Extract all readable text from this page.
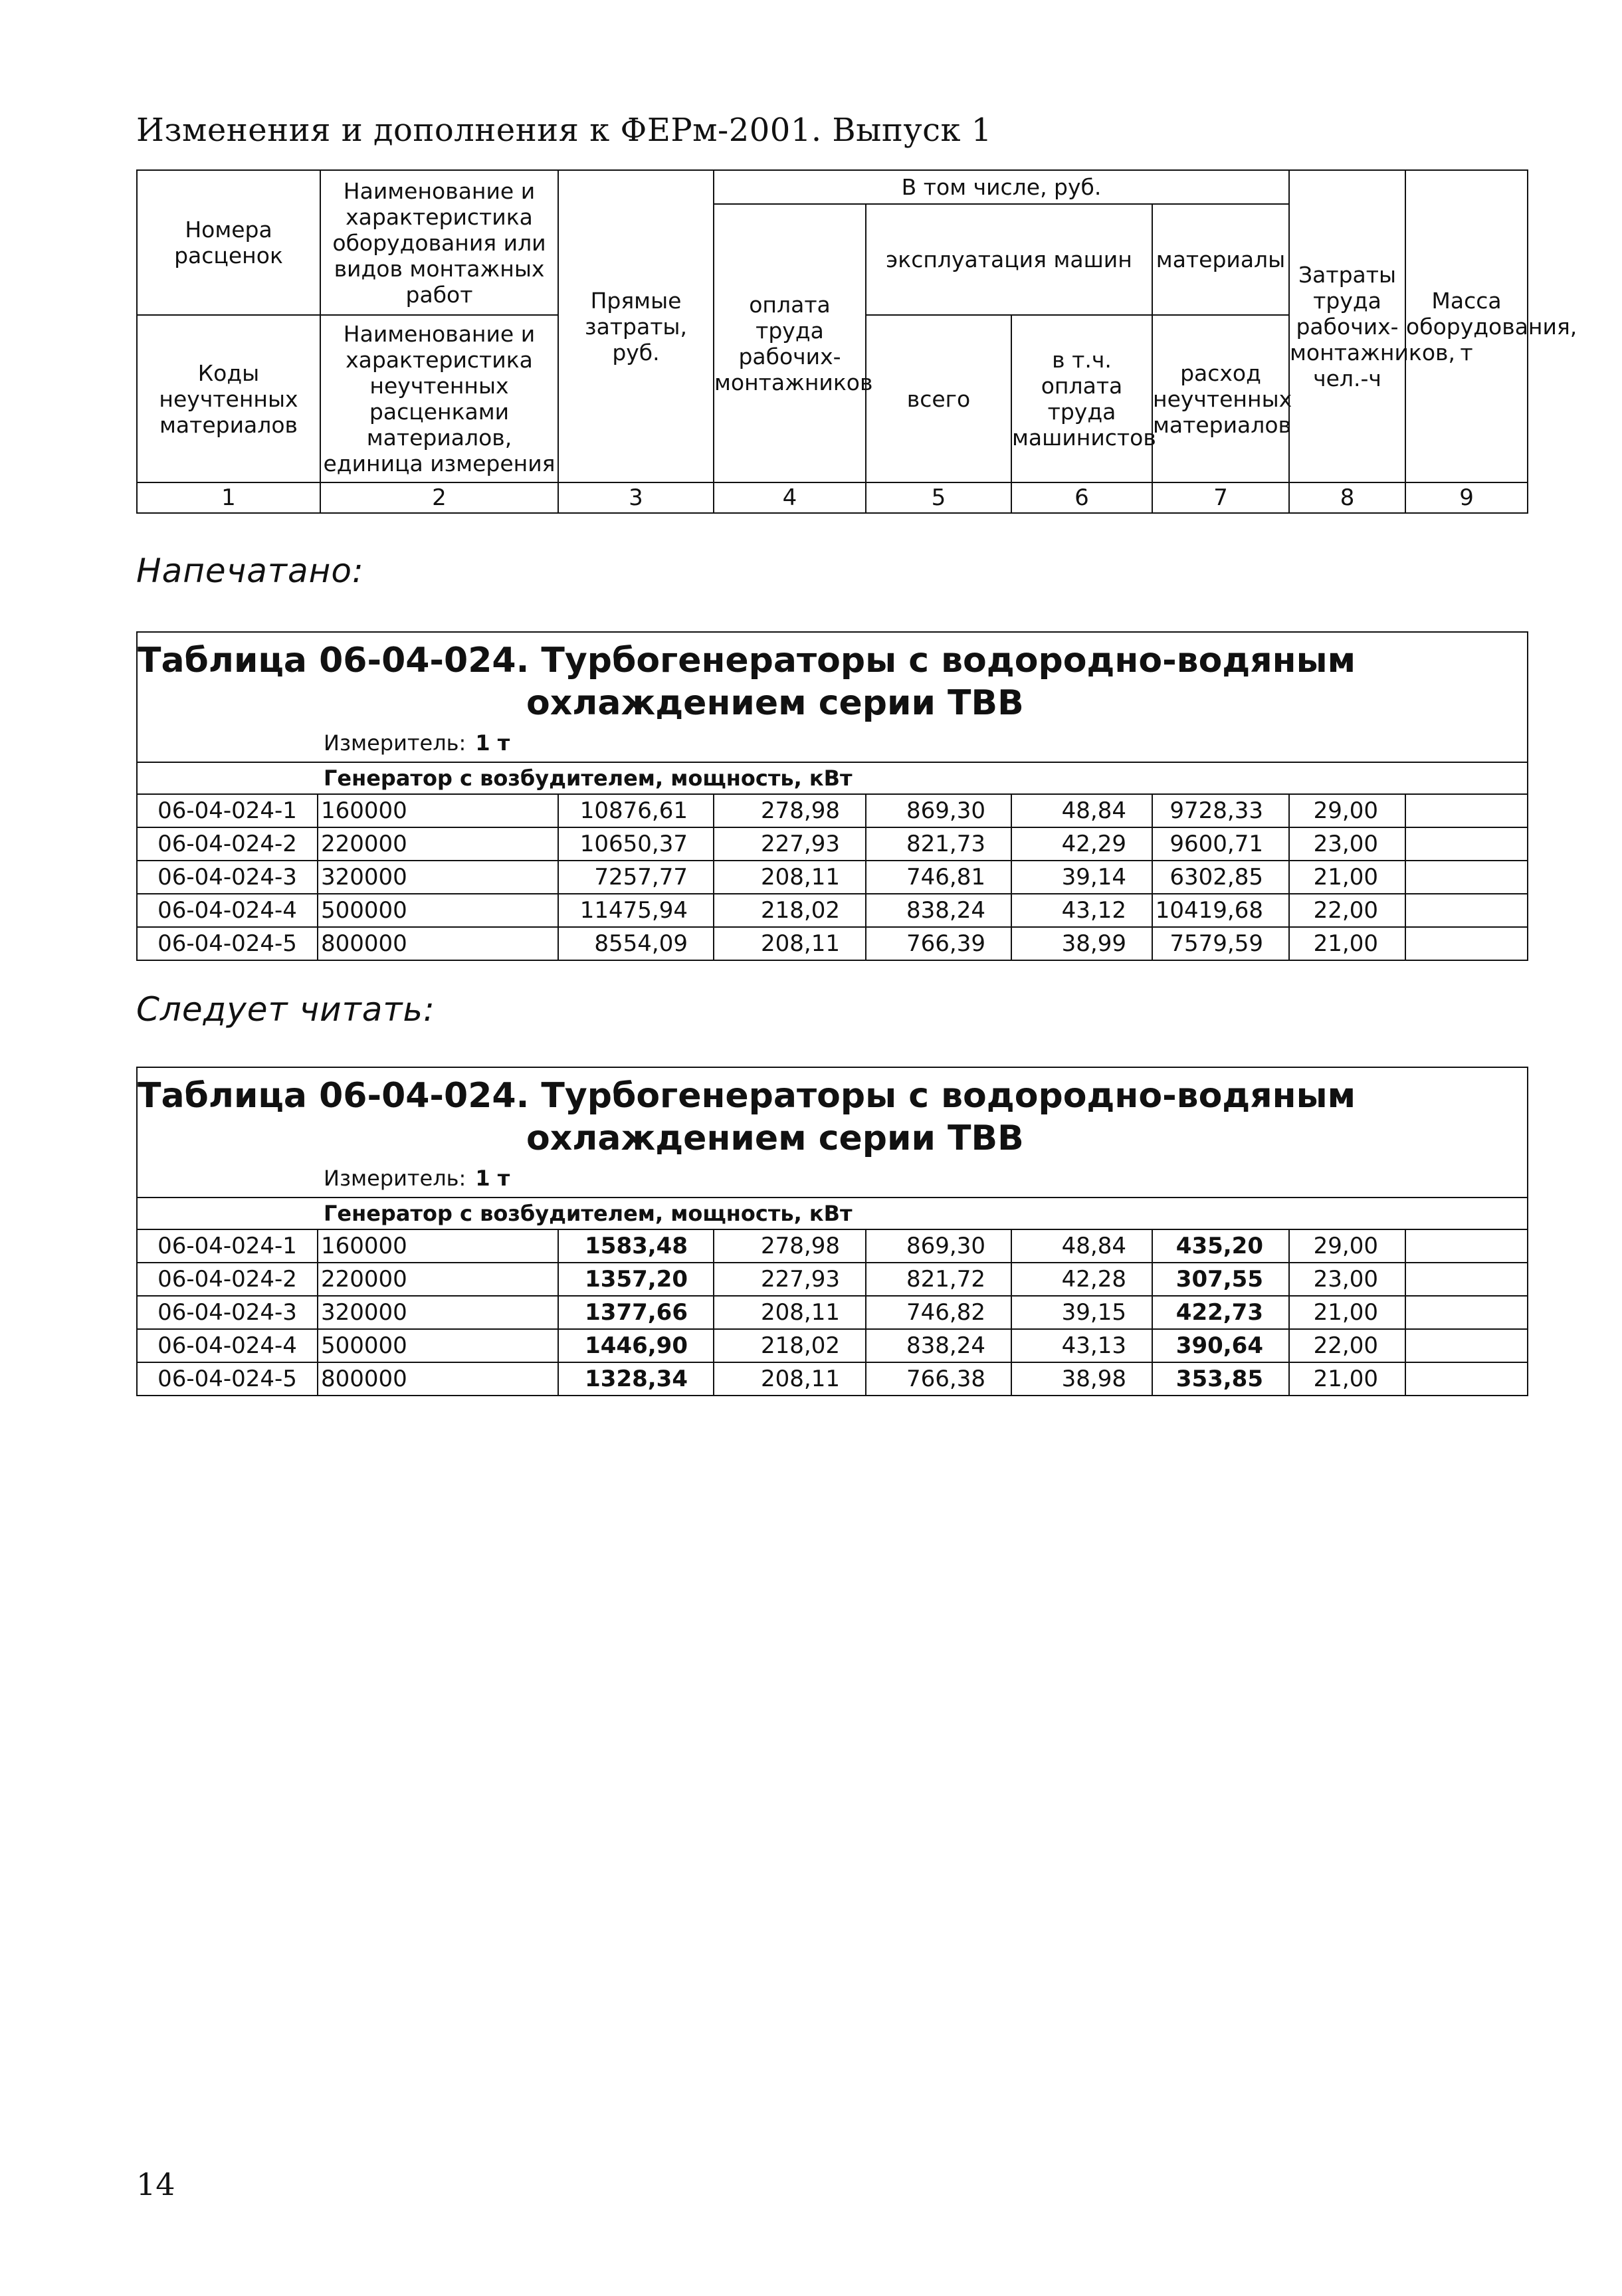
Изменения и дополнения к ФЕРм-2001. Выпуск 1
Номера расценок	Наименование и характеристика оборудования или видов монтажных работ	Прямые затраты, руб.	В том числе, руб.				Затраты труда рабочих-монтажников, чел.-ч	Масса оборудования, т
			оплата труда рабочих-монтажников	эксплуатация машин		материалы		

Коды неучтенных материалов	Наименование и характеристика неучтенных расценками материалов, единица измерения			всего	в т.ч. оплата труда машинистов	расход неучтенных материалов		

1	2	3	4	5	6	7	8	9
Напечатано:
Таблица 06-04-024. Турбогенераторы с водородно-водяным
охлаждением серии ТВВ								

Измеритель: 1 т								
Генератор с возбудителем, мощность, кВт								
06-04-024-1	160000	10876,61	278,98	869,30	48,84	9728,33	29,00	
06-04-024-2	220000	10650,37	227,93	821,73	42,29	9600,71	23,00	
06-04-024-3	320000	7257,77	208,11	746,81	39,14	6302,85	21,00	
06-04-024-4	500000	11475,94	218,02	838,24	43,12	10419,68	22,00	
06-04-024-5	800000	8554,09	208,11	766,39	38,99	7579,59	21,00	
Следует читать:
Таблица 06-04-024. Турбогенераторы с водородно-водяным
охлаждением серии ТВВ								

Измеритель: 1 т								
Генератор с возбудителем, мощность, кВт								
06-04-024-1	160000	1583,48	278,98	869,30	48,84	435,20	29,00	
06-04-024-2	220000	1357,20	227,93	821,72	42,28	307,55	23,00	
06-04-024-3	320000	1377,66	208,11	746,82	39,15	422,73	21,00	
06-04-024-4	500000	1446,90	218,02	838,24	43,13	390,64	22,00	
06-04-024-5	800000	1328,34	208,11	766,38	38,98	353,85	21,00	
14
